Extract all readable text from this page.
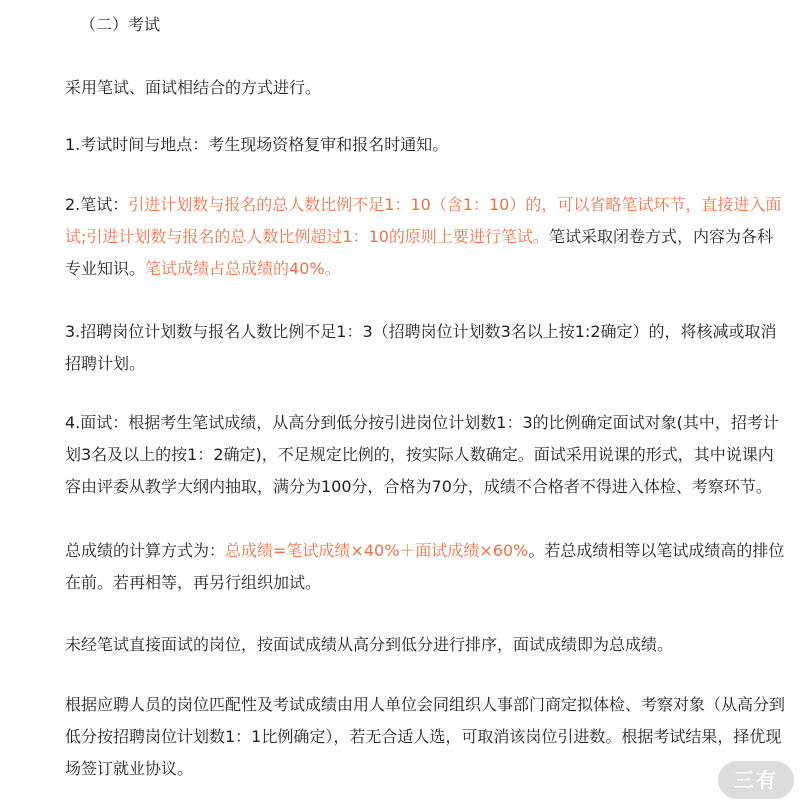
（二）考试

采用笔试、面试相结合的方式进行。

1.考试时间与地点：考生现场资格复审和报名时通知。

2.笔试：引进计划数与报名的总人数比例不足1：10（含1：10）的，可以省略笔试环节，直接进入面试;引进计划数与报名的总人数比例超过1：10的原则上要进行笔试。笔试采取闭卷方式，内容为各科专业知识。笔试成绩占总成绩的40%。

3.招聘岗位计划数与报名人数比例不足1：3（招聘岗位计划数3名以上按1:2确定）的，将核减或取消招聘计划。

4.面试：根据考生笔试成绩，从高分到低分按引进岗位计划数1：3的比例确定面试对象(其中，招考计划3名及以上的按1：2确定)，不足规定比例的，按实际人数确定。面试采用说课的形式，其中说课内容由评委从教学大纲内抽取，满分为100分，合格为70分，成绩不合格者不得进入体检、考察环节。

总成绩的计算方式为：总成绩=笔试成绩×40%＋面试成绩×60%。若总成绩相等以笔试成绩高的排位在前。若再相等，再另行组织加试。

未经笔试直接面试的岗位，按面试成绩从高分到低分进行排序，面试成绩即为总成绩。

根据应聘人员的岗位匹配性及考试成绩由用人单位会同组织人事部门商定拟体检、考察对象（从高分到低分按招聘岗位计划数1：1比例确定），若无合适人选，可取消该岗位引进数。根据考试结果，择优现场签订就业协议。	三有
